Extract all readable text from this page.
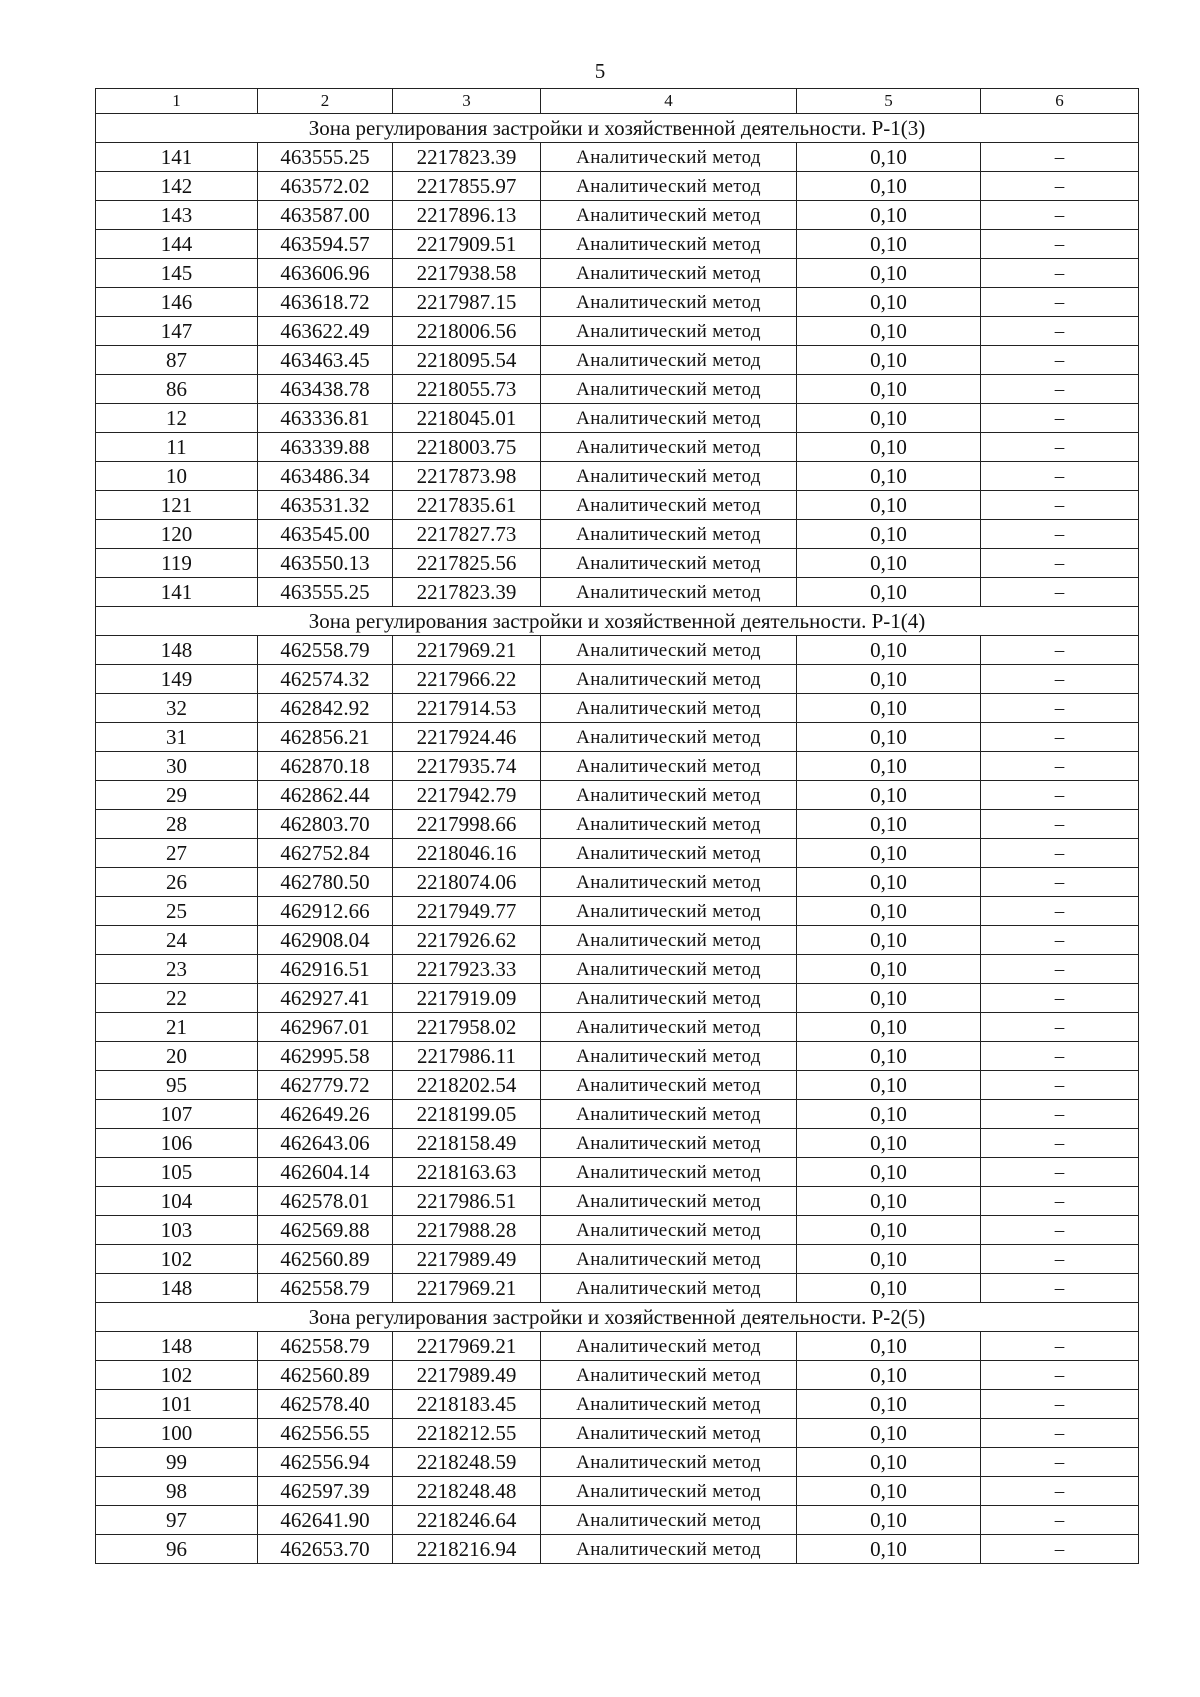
5
1	2	3	4	5	6
Зона регулирования застройки и хозяйственной деятельности. Р-1(3)					
141	463555.25	2217823.39	Аналитический метод	0,10	–
142	463572.02	2217855.97	Аналитический метод	0,10	–
143	463587.00	2217896.13	Аналитический метод	0,10	–
144	463594.57	2217909.51	Аналитический метод	0,10	–
145	463606.96	2217938.58	Аналитический метод	0,10	–
146	463618.72	2217987.15	Аналитический метод	0,10	–
147	463622.49	2218006.56	Аналитический метод	0,10	–
87	463463.45	2218095.54	Аналитический метод	0,10	–
86	463438.78	2218055.73	Аналитический метод	0,10	–
12	463336.81	2218045.01	Аналитический метод	0,10	–
11	463339.88	2218003.75	Аналитический метод	0,10	–
10	463486.34	2217873.98	Аналитический метод	0,10	–
121	463531.32	2217835.61	Аналитический метод	0,10	–
120	463545.00	2217827.73	Аналитический метод	0,10	–
119	463550.13	2217825.56	Аналитический метод	0,10	–
141	463555.25	2217823.39	Аналитический метод	0,10	–
Зона регулирования застройки и хозяйственной деятельности. Р-1(4)					
148	462558.79	2217969.21	Аналитический метод	0,10	–
149	462574.32	2217966.22	Аналитический метод	0,10	–
32	462842.92	2217914.53	Аналитический метод	0,10	–
31	462856.21	2217924.46	Аналитический метод	0,10	–
30	462870.18	2217935.74	Аналитический метод	0,10	–
29	462862.44	2217942.79	Аналитический метод	0,10	–
28	462803.70	2217998.66	Аналитический метод	0,10	–
27	462752.84	2218046.16	Аналитический метод	0,10	–
26	462780.50	2218074.06	Аналитический метод	0,10	–
25	462912.66	2217949.77	Аналитический метод	0,10	–
24	462908.04	2217926.62	Аналитический метод	0,10	–
23	462916.51	2217923.33	Аналитический метод	0,10	–
22	462927.41	2217919.09	Аналитический метод	0,10	–
21	462967.01	2217958.02	Аналитический метод	0,10	–
20	462995.58	2217986.11	Аналитический метод	0,10	–
95	462779.72	2218202.54	Аналитический метод	0,10	–
107	462649.26	2218199.05	Аналитический метод	0,10	–
106	462643.06	2218158.49	Аналитический метод	0,10	–
105	462604.14	2218163.63	Аналитический метод	0,10	–
104	462578.01	2217986.51	Аналитический метод	0,10	–
103	462569.88	2217988.28	Аналитический метод	0,10	–
102	462560.89	2217989.49	Аналитический метод	0,10	–
148	462558.79	2217969.21	Аналитический метод	0,10	–
Зона регулирования застройки и хозяйственной деятельности. Р-2(5)					
148	462558.79	2217969.21	Аналитический метод	0,10	–
102	462560.89	2217989.49	Аналитический метод	0,10	–
101	462578.40	2218183.45	Аналитический метод	0,10	–
100	462556.55	2218212.55	Аналитический метод	0,10	–
99	462556.94	2218248.59	Аналитический метод	0,10	–
98	462597.39	2218248.48	Аналитический метод	0,10	–
97	462641.90	2218246.64	Аналитический метод	0,10	–
96	462653.70	2218216.94	Аналитический метод	0,10	–
